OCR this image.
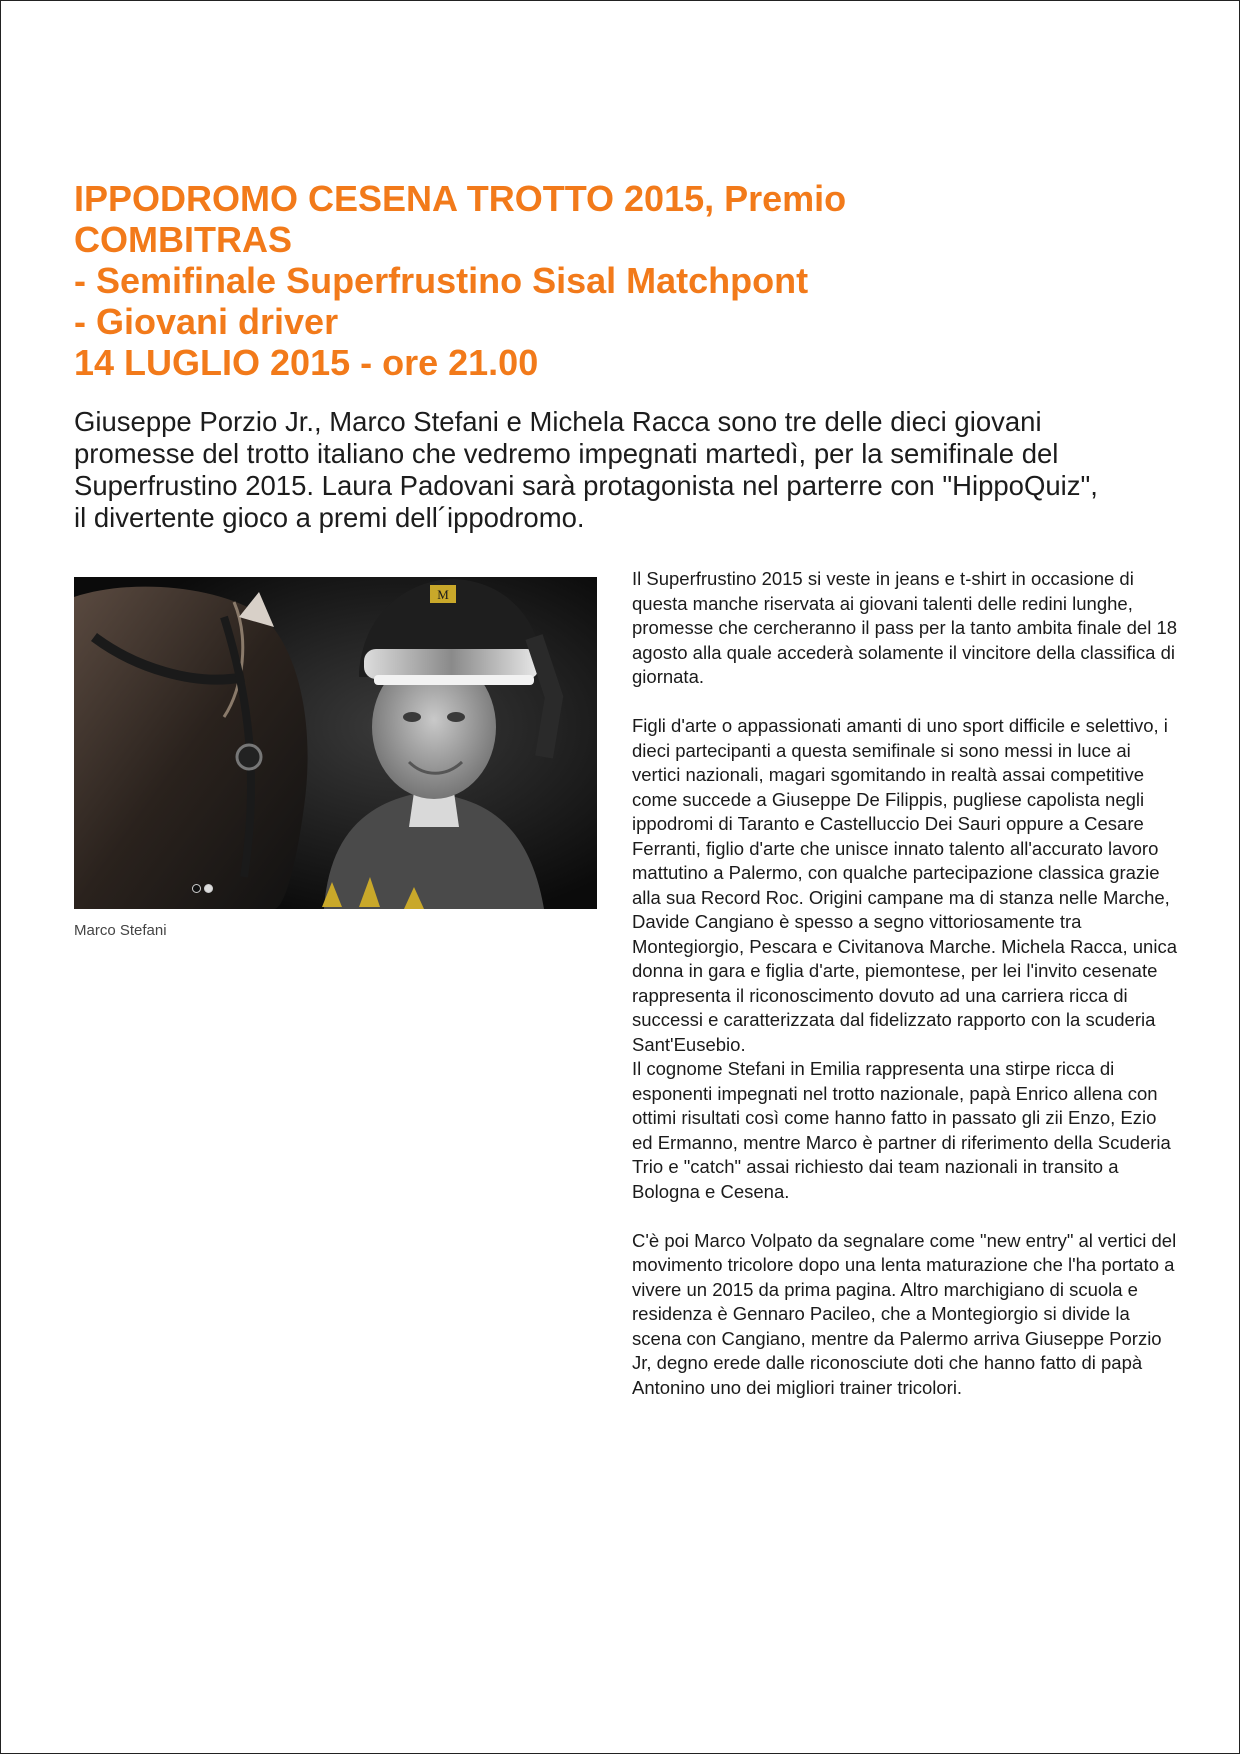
IPPODROMO CESENA TROTTO 2015, Premio
COMBITRAS
- Semifinale Superfrustino Sisal Matchpont
- Giovani driver
14 LUGLIO 2015 - ore 21.00

Giuseppe Porzio Jr., Marco Stefani e Michela Racca sono tre delle dieci giovani promesse del trotto italiano che vedremo impegnati martedì, per la semifinale del Superfrustino 2015. Laura Padovani sarà protagonista nel parterre con "HippoQuiz", il divertente gioco a premi dell´ippodromo.

M

Marco Stefani

Il Superfrustino 2015 si veste in jeans e t-shirt in occasione di questa manche riservata ai giovani talenti delle redini lunghe, promesse che cercheranno il pass per la tanto ambita finale del 18 agosto alla quale accederà solamente il vincitore della classifica di giornata.

Figli d'arte o appassionati amanti di uno sport difficile e selettivo, i dieci partecipanti a questa semifinale si sono messi in luce ai vertici nazionali, magari sgomitando in realtà assai competitive come succede a Giuseppe De Filippis, pugliese capolista negli ippodromi di Taranto e Castelluccio Dei Sauri oppure a Cesare Ferranti, figlio d'arte che unisce innato talento all'accurato lavoro mattutino a Palermo, con qualche partecipazione classica grazie alla sua Record Roc. Origini campane ma di stanza nelle Marche, Davide Cangiano è spesso a segno vittoriosamente tra Montegiorgio, Pescara e Civitanova Marche. Michela Racca, unica donna in gara e figlia d'arte, piemontese, per lei l'invito cesenate rappresenta il riconoscimento dovuto ad una carriera ricca di successi e caratterizzata dal fidelizzato rapporto con la scuderia Sant'Eusebio.
Il cognome Stefani in Emilia rappresenta una stirpe ricca di esponenti impegnati nel trotto nazionale, papà Enrico allena con ottimi risultati così come hanno fatto in passato gli zii Enzo, Ezio ed Ermanno, mentre Marco è partner di riferimento della Scuderia Trio e "catch" assai richiesto dai team nazionali in transito a Bologna e Cesena.

C'è poi Marco Volpato da segnalare come "new entry" al vertici del movimento tricolore dopo una lenta maturazione che l'ha portato a vivere un 2015 da prima pagina. Altro marchigiano di scuola e residenza è Gennaro Pacileo, che a Montegiorgio si divide la scena con Cangiano, mentre da Palermo arriva Giuseppe Porzio Jr, degno erede dalle riconosciute doti che hanno fatto di papà Antonino uno dei migliori trainer tricolori.
